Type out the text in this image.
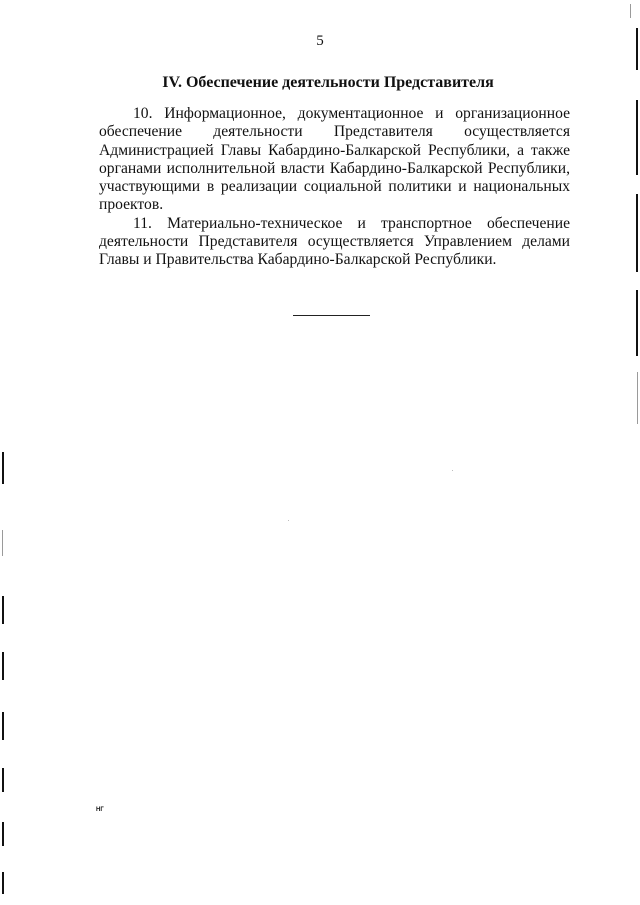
5
IV. Обеспечение деятельности Представителя

10. Информационное, документационное и организационное обеспечение деятельности Представителя осуществляется Администрацией Главы Кабардино-Балкарской Республики, а также органами исполнительной власти Кабардино-Балкарской Республики, участвующими в реализации социальной политики и национальных проектов.

11. Материально-техническое и транспортное обеспечение деятельности Представителя осуществляется Управлением делами Главы и Правительства Кабардино-Балкарской Республики.

НГ
